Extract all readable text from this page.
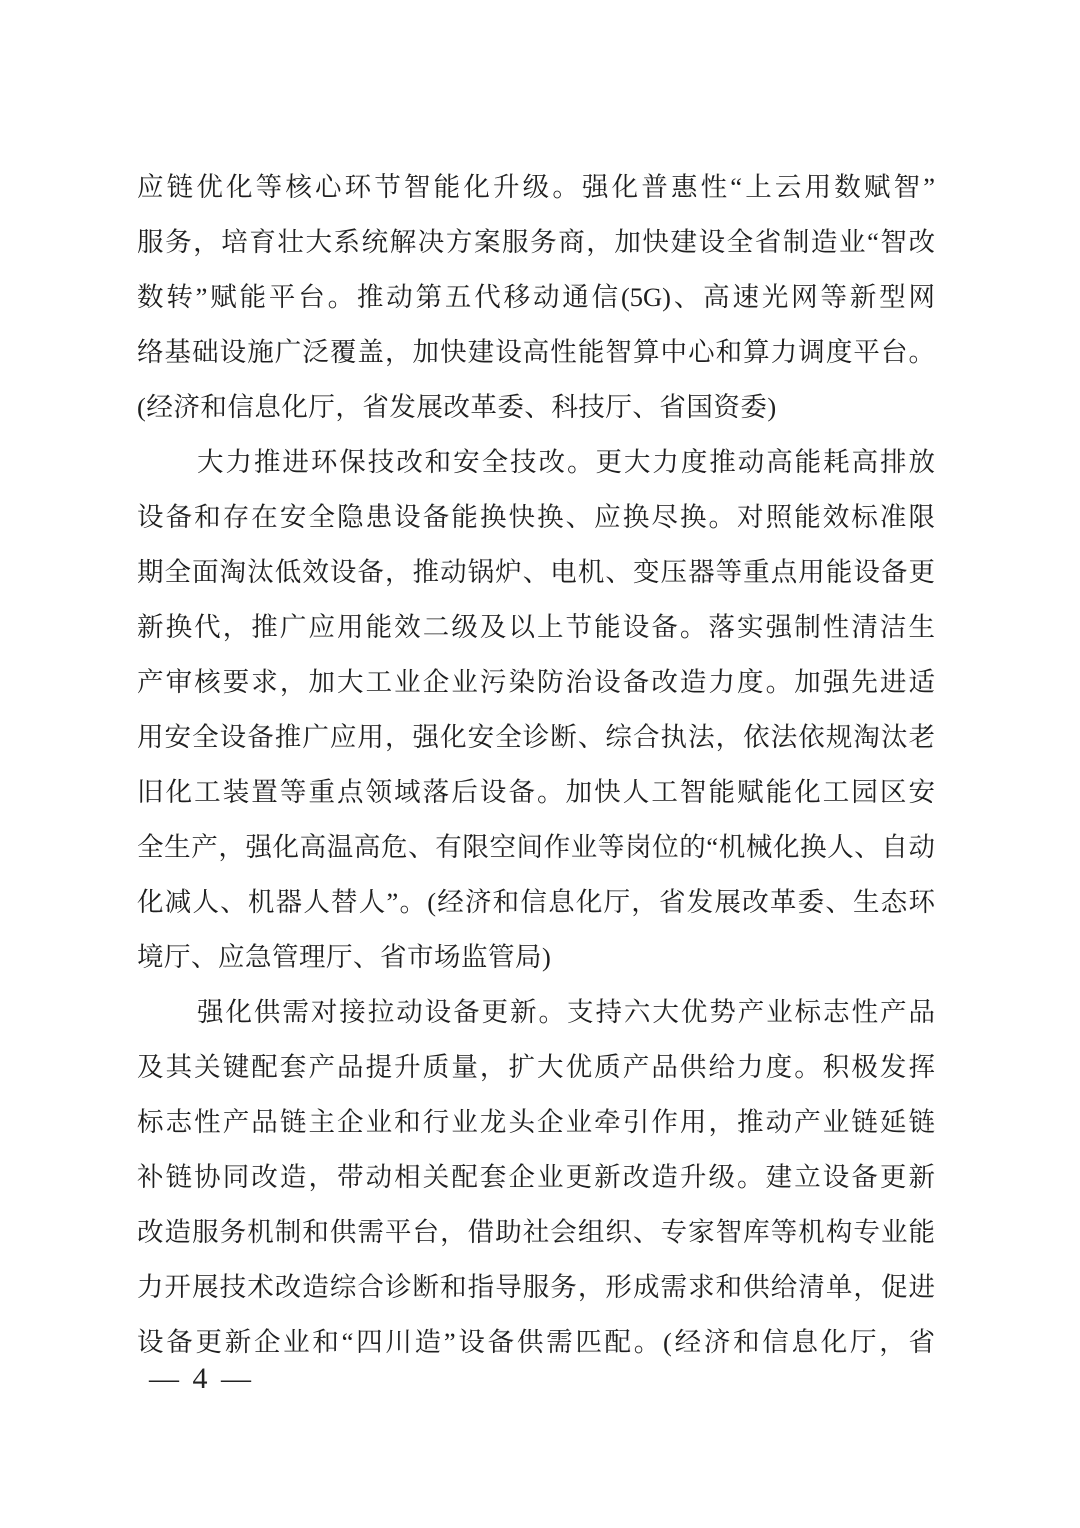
应链优化等核心环节智能化升级。强化普惠性“上云用数赋智”
服务，培育壮大系统解决方案服务商，加快建设全省制造业“智改
数转”赋能平台。推动第五代移动通信(5G)、高速光网等新型网
络基础设施广泛覆盖，加快建设高性能智算中心和算力调度平台。
(经济和信息化厅，省发展改革委、科技厅、省国资委)
大力推进环保技改和安全技改。更大力度推动高能耗高排放
设备和存在安全隐患设备能换快换、应换尽换。对照能效标准限
期全面淘汰低效设备，推动锅炉、电机、变压器等重点用能设备更
新换代，推广应用能效二级及以上节能设备。落实强制性清洁生
产审核要求，加大工业企业污染防治设备改造力度。加强先进适
用安全设备推广应用，强化安全诊断、综合执法，依法依规淘汰老
旧化工装置等重点领域落后设备。加快人工智能赋能化工园区安
全生产，强化高温高危、有限空间作业等岗位的“机械化换人、自动
化减人、机器人替人”。(经济和信息化厅，省发展改革委、生态环
境厅、应急管理厅、省市场监管局)
强化供需对接拉动设备更新。支持六大优势产业标志性产品
及其关键配套产品提升质量，扩大优质产品供给力度。积极发挥
标志性产品链主企业和行业龙头企业牵引作用，推动产业链延链
补链协同改造，带动相关配套企业更新改造升级。建立设备更新
改造服务机制和供需平台，借助社会组织、专家智库等机构专业能
力开展技术改造综合诊断和指导服务，形成需求和供给清单，促进
设备更新企业和“四川造”设备供需匹配。(经济和信息化厅，省
— 4 —
